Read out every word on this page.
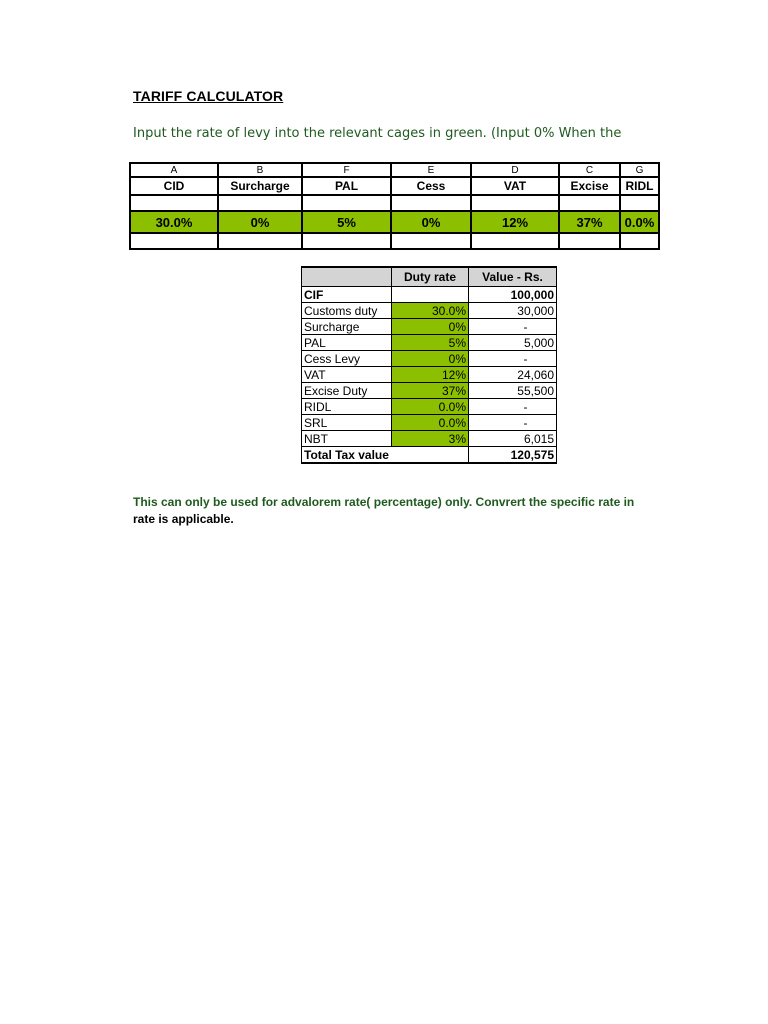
TARIFF CALCULATOR
Input the rate of levy into the relevant cages in green. (Input 0% When the
A	B	F	E	D	C	G
CID	Surcharge	PAL	Cess	VAT	Excise	RIDL

30.0%	0%	5%	0%	12%	37%	0.0%

	Duty rate	Value - Rs.
CIF		100,000
Customs duty	30.0%	30,000
Surcharge	0%	-
PAL	5%	5,000
Cess Levy	0%	-
VAT	12%	24,060
Excise Duty	37%	55,500
RIDL	0.0%	-
SRL	0.0%	-
NBT	3%	6,015
Total Tax value		120,575
This can only be used for advalorem rate( percentage) only. Convrert the specific rate in
rate is applicable.
